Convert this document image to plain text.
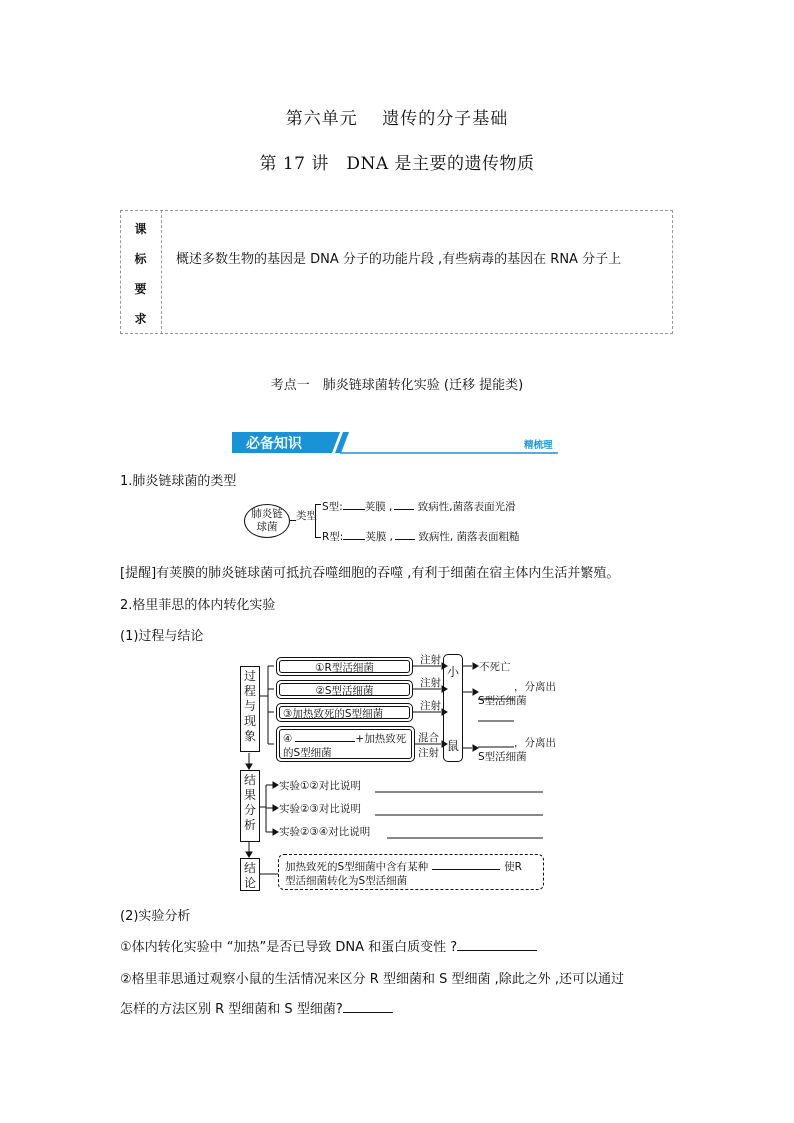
第六单元　 遗传的分子基础
第 17 讲　DNA 是主要的遗传物质
课
标
要
求
概述多数生物的基因是 DNA 分子的功能片段 ,有些病毒的基因在 RNA 分子上
考点一　肺炎链球菌转化实验 (迁移 提能类)
必备知识	精梳理
1.肺炎链球菌的类型
肺炎链
球菌
类型
S型: 荚膜 , 致病性,菌落表面光滑
R型: 荚膜 , 致病性, 菌落表面粗糙
[提醒]有荚膜的肺炎链球菌可抵抗吞噬细胞的吞噬 ,有利于细菌在宿主体内生活并繁殖。
2.格里菲思的体内转化实验
(1)过程与结论
过
程
与
现
象
①R型活细菌
②S型活细菌
③加热致死的S型细菌
④	+加热致死
的S型细菌
注射
注射
注射
混合
注射
小
鼠
不死亡
，分离出
S型活细菌
，分离出
S型活细菌
结
果
分
析
实验①②对比说明
实验②③对比说明
实验②③④对比说明
结
论
加热致死的S型细菌中含有某种	使R
型活细菌转化为S型活细菌
(2)实验分析
①体内转化实验中 “加热”是否已导致 DNA 和蛋白质变性 ?
②格里菲思通过观察小鼠的生活情况来区分 R 型细菌和 S 型细菌 ,除此之外 ,还可以通过
怎样的方法区别 R 型细菌和 S 型细菌?
